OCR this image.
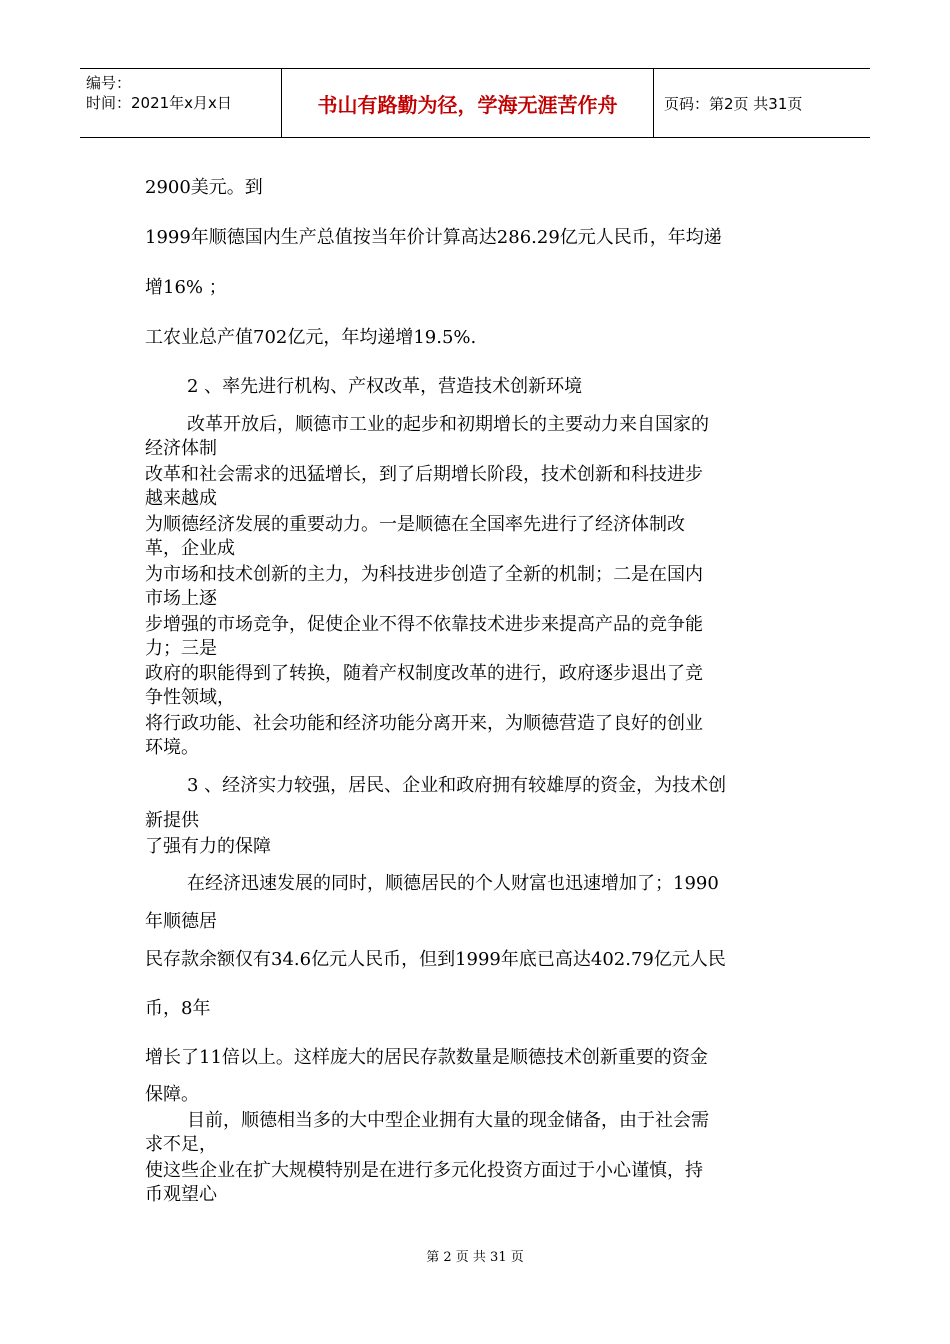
编号：
时间：2021年x月x日	书山有路勤为径，学海无涯苦作舟	页码：第2页 共31页
2900美元。到
1999年顺德国内生产总值按当年价计算高达286.29亿元人民币，年均递
增16% ；
工农业总产值702亿元，年均递增19.5%.
2 、率先进行机构、产权改革，营造技术创新环境
改革开放后，顺德市工业的起步和初期增长的主要动力来自国家的
经济体制
改革和社会需求的迅猛增长，到了后期增长阶段，技术创新和科技进步
越来越成
为顺德经济发展的重要动力。一是顺德在全国率先进行了经济体制改
革，企业成
为市场和技术创新的主力，为科技进步创造了全新的机制；二是在国内
市场上逐
步增强的市场竞争，促使企业不得不依靠技术进步来提高产品的竞争能
力；三是
政府的职能得到了转换，随着产权制度改革的进行，政府逐步退出了竞
争性领域，
将行政功能、社会功能和经济功能分离开来，为顺德营造了良好的创业
环境。
3 、经济实力较强，居民、企业和政府拥有较雄厚的资金，为技术创
新提供
了强有力的保障
在经济迅速发展的同时，顺德居民的个人财富也迅速增加了；1990
年顺德居
民存款余额仅有34.6亿元人民币，但到1999年底已高达402.79亿元人民
币，8年
增长了11倍以上。这样庞大的居民存款数量是顺德技术创新重要的资金
保障。
目前，顺德相当多的大中型企业拥有大量的现金储备，由于社会需
求不足，
使这些企业在扩大规模特别是在进行多元化投资方面过于小心谨慎，持
币观望心
第 2 页 共 31 页
